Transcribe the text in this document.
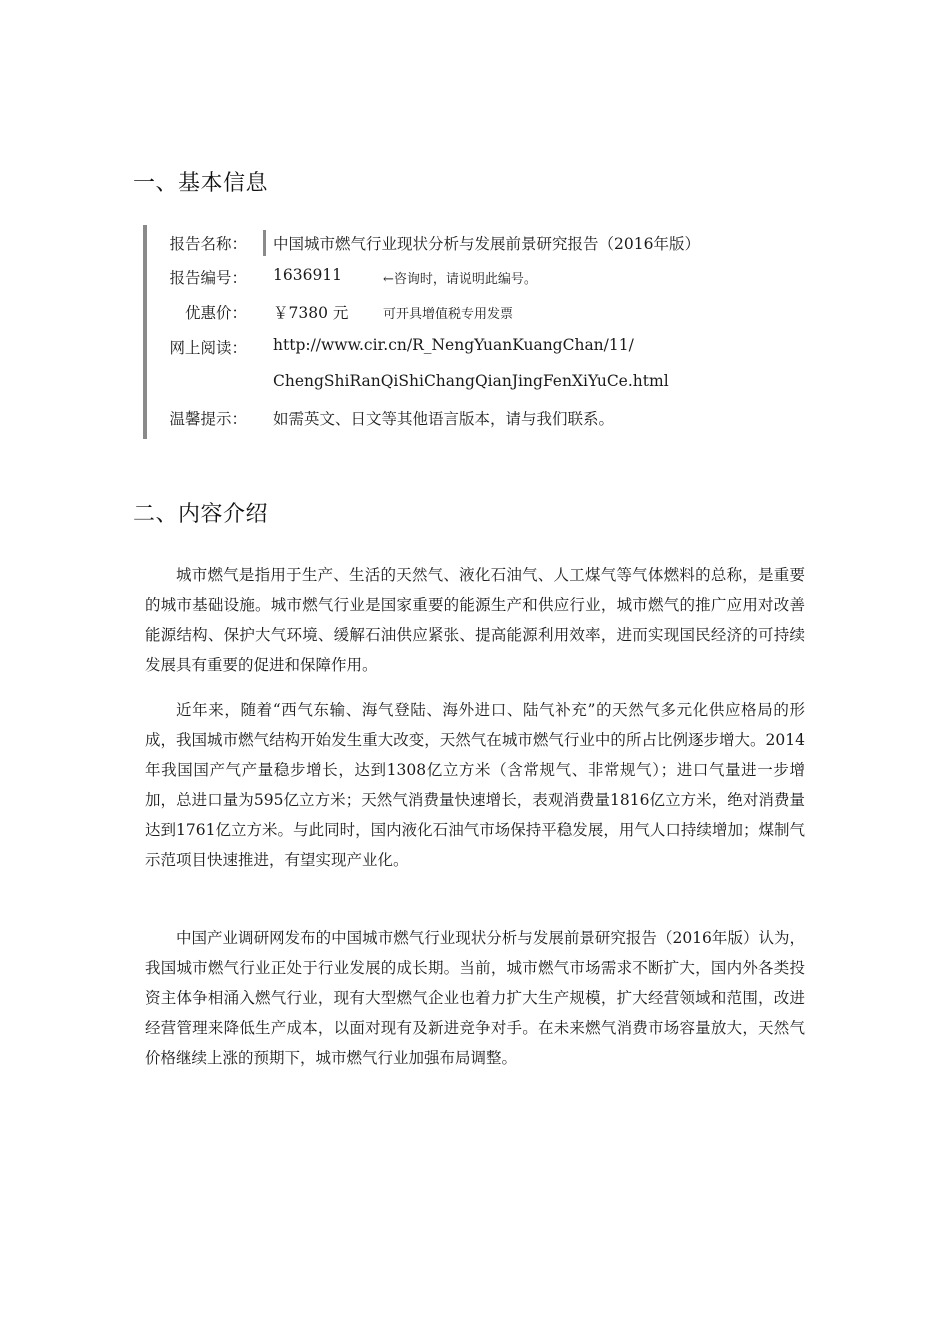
一、基本信息
报告名称： 中国城市燃气行业现状分析与发展前景研究报告（2016年版）
报告编号： 1636911	←咨询时，请说明此编号。
优惠价： ￥7380 元	可开具增值税专用发票
网上阅读： http://www.cir.cn/R_NengYuanKuangChan/11/
ChengShiRanQiShiChangQianJingFenXiYuCe.html
温馨提示： 如需英文、日文等其他语言版本，请与我们联系。
二、内容介绍

城市燃气是指用于生产、生活的天然气、液化石油气、人工煤气等气体燃料的总称，是重要的城市基础设施。城市燃气行业是国家重要的能源生产和供应行业，城市燃气的推广应用对改善能源结构、保护大气环境、缓解石油供应紧张、提高能源利用效率，进而实现国民经济的可持续发展具有重要的促进和保障作用。

近年来，随着“西气东输、海气登陆、海外进口、陆气补充”的天然气多元化供应格局的形成，我国城市燃气结构开始发生重大改变，天然气在城市燃气行业中的所占比例逐步增大。2014年我国国产气产量稳步增长，达到1308亿立方米（含常规气、非常规气）；进口气量进一步增加，总进口量为595亿立方米；天然气消费量快速增长，表观消费量1816亿立方米，绝对消费量达到1761亿立方米。与此同时，国内液化石油气市场保持平稳发展，用气人口持续增加；煤制气示范项目快速推进，有望实现产业化。

中国产业调研网发布的中国城市燃气行业现状分析与发展前景研究报告（2016年版）认为，我国城市燃气行业正处于行业发展的成长期。当前，城市燃气市场需求不断扩大，国内外各类投资主体争相涌入燃气行业，现有大型燃气企业也着力扩大生产规模，扩大经营领域和范围，改进经营管理来降低生产成本，以面对现有及新进竞争对手。在未来燃气消费市场容量放大，天然气价格继续上涨的预期下，城市燃气行业加强布局调整。
